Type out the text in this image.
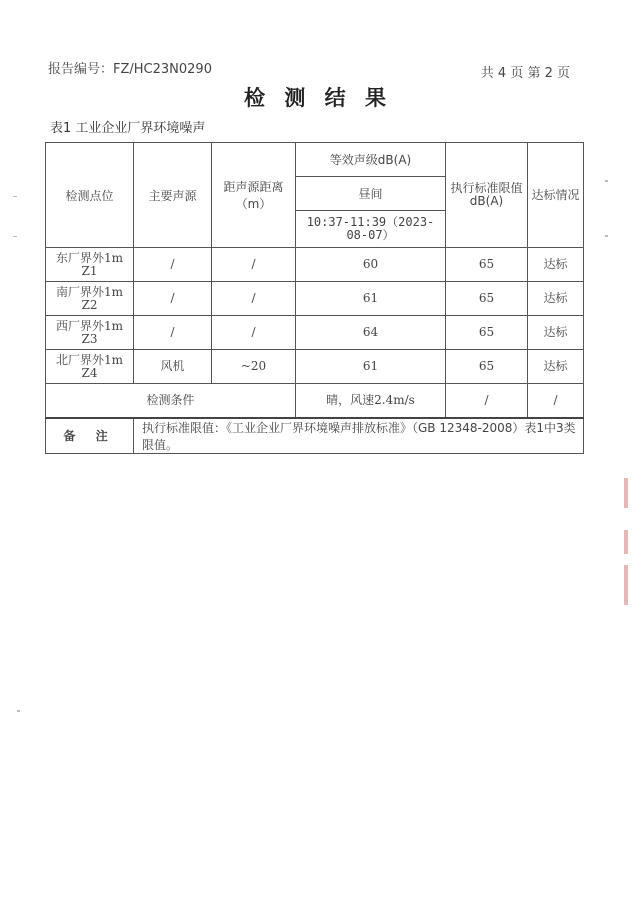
报告编号：FZ/HC23N0290	共 4 页 第 2 页
检 测 结 果
表1 工业企业厂界环境噪声
检测点位	主要声源	距声源距离（m）	等效声级dB(A)	执行标准限值dB(A)	达标情况
			昼间		
			10:37-11:39（2023-08-07）		
东厂界外1m
Z1	/	/	60	65	达标
南厂界外1m
Z2	/	/	61	65	达标
西厂界外1m
Z3	/	/	64	65	达标
北厂界外1m
Z4	风机	~20	61	65	达标
检测条件			晴，风速2.4m/s	/	/
备 注	执行标准限值：《工业企业厂界环境噪声排放标准》（GB 12348-2008）表1中3类限值。				
